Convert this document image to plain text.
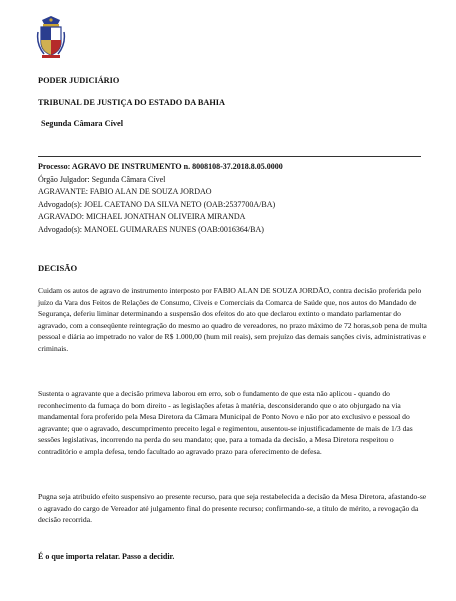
PODER JUDICIÁRIO
TRIBUNAL DE JUSTIÇA DO ESTADO DA BAHIA
Segunda Câmara Cível
Processo: AGRAVO DE INSTRUMENTO n. 8008108-37.2018.8.05.0000
Órgão Julgador: Segunda Câmara Cível
AGRAVANTE: FABIO ALAN DE SOUZA JORDAO
Advogado(s): JOEL CAETANO DA SILVA NETO (OAB:2537700A/BA)
AGRAVADO: MICHAEL JONATHAN OLIVEIRA MIRANDA
Advogado(s): MANOEL GUIMARAES NUNES (OAB:0016364/BA)
DECISÃO

Cuidam os autos de agravo de instrumento interposto por FABIO ALAN DE SOUZA JORDÃO, contra decisão proferida pelo juízo da Vara dos Feitos de Relações de Consumo, Cíveis e Comerciais da Comarca de Saúde que, nos autos do Mandado de Segurança, deferiu liminar determinando a suspensão dos efeitos do ato que declarou extinto o mandato parlamentar do agravado, com a conseqüente reintegração do mesmo ao quadro de vereadores, no prazo máximo de 72 horas,sob pena de multa pessoal e diária ao impetrado no valor de R$ 1.000,00 (hum mil reais), sem prejuízo das demais sanções civis, administrativas e criminais.

Sustenta o agravante que a decisão primeva laborou em erro, sob o fundamento de que esta não aplicou - quando do reconhecimento da fumaça do bom direito - as legislações afetas à matéria, desconsiderando que o ato objurgado na via mandamental fora proferido pela Mesa Diretora da Câmara Municipal de Ponto Novo e não por ato exclusivo e pessoal do agravante; que o agravado, descumprimento preceito legal e regimentou, ausentou-se injustificadamente de mais de 1/3 das sessões legislativas, incorrendo na perda do seu mandato; que, para a tomada da decisão, a Mesa Diretora respeitou o contraditório e ampla defesa, tendo facultado ao agravado prazo para oferecimento de defesa.

Pugna seja atribuído efeito suspensivo ao presente recurso, para que seja restabelecida a decisão da Mesa Diretora, afastando-se o agravado do cargo de Vereador até julgamento final do presente recurso; confirmando-se, a título de mérito, a revogação da decisão recorrida.

É o que importa relatar. Passo a decidir.
